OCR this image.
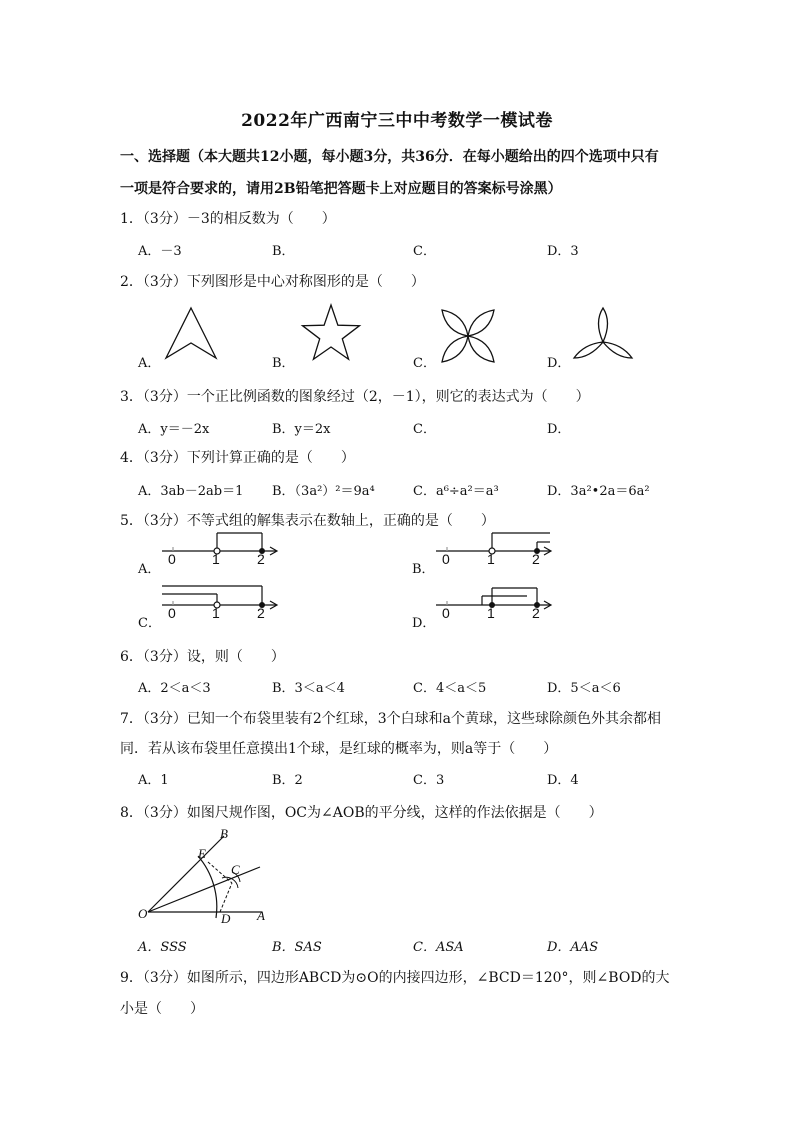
2022年广西南宁三中中考数学一模试卷
一、选择题（本大题共12小题，每小题3分，共36分．在每小题给出的四个选项中只有
一项是符合要求的，请用2B铅笔把答题卡上对应题目的答案标号涂黑）
1．（3分）－3的相反数为（　　）
A．－3	B．	C．	D．3
2．（3分）下列图形是中心对称图形的是（　　）
A．	B．	C．	D．
3．（3分）一个正比例函数的图象经过（2，－1），则它的表达式为（　　）
A．y＝－2x	B．y＝2x	C．	D．
4．（3分）下列计算正确的是（　　）
A．3ab－2ab＝1 B．（3a²）²＝9a⁴	C．a⁶÷a²＝a³	D．3a²•2a＝6a²
5．（3分）不等式组的解集表示在数轴上，正确的是（　　）
A．	B．
C．	D．
0	1	2	0	1	2
0	1	2	0	1	2
6．（3分）设，则（　　）
A．2＜a＜3	B．3＜a＜4	C．4＜a＜5	D．5＜a＜6
7．（3分）已知一个布袋里装有2个红球，3个白球和a个黄球，这些球除颜色外其余都相
同．若从该布袋里任意摸出1个球，是红球的概率为，则a等于（　　）
A．1	B．2	C．3	D．4
8．（3分）如图尺规作图，OC为∠AOB的平分线，这样的作法依据是（　　）
B
E
C
O	D A
A．SSS	B．SAS	C．ASA	D．AAS
9．（3分）如图所示，四边形ABCD为⊙O的内接四边形，∠BCD＝120°，则∠BOD的大
小是（　　）
